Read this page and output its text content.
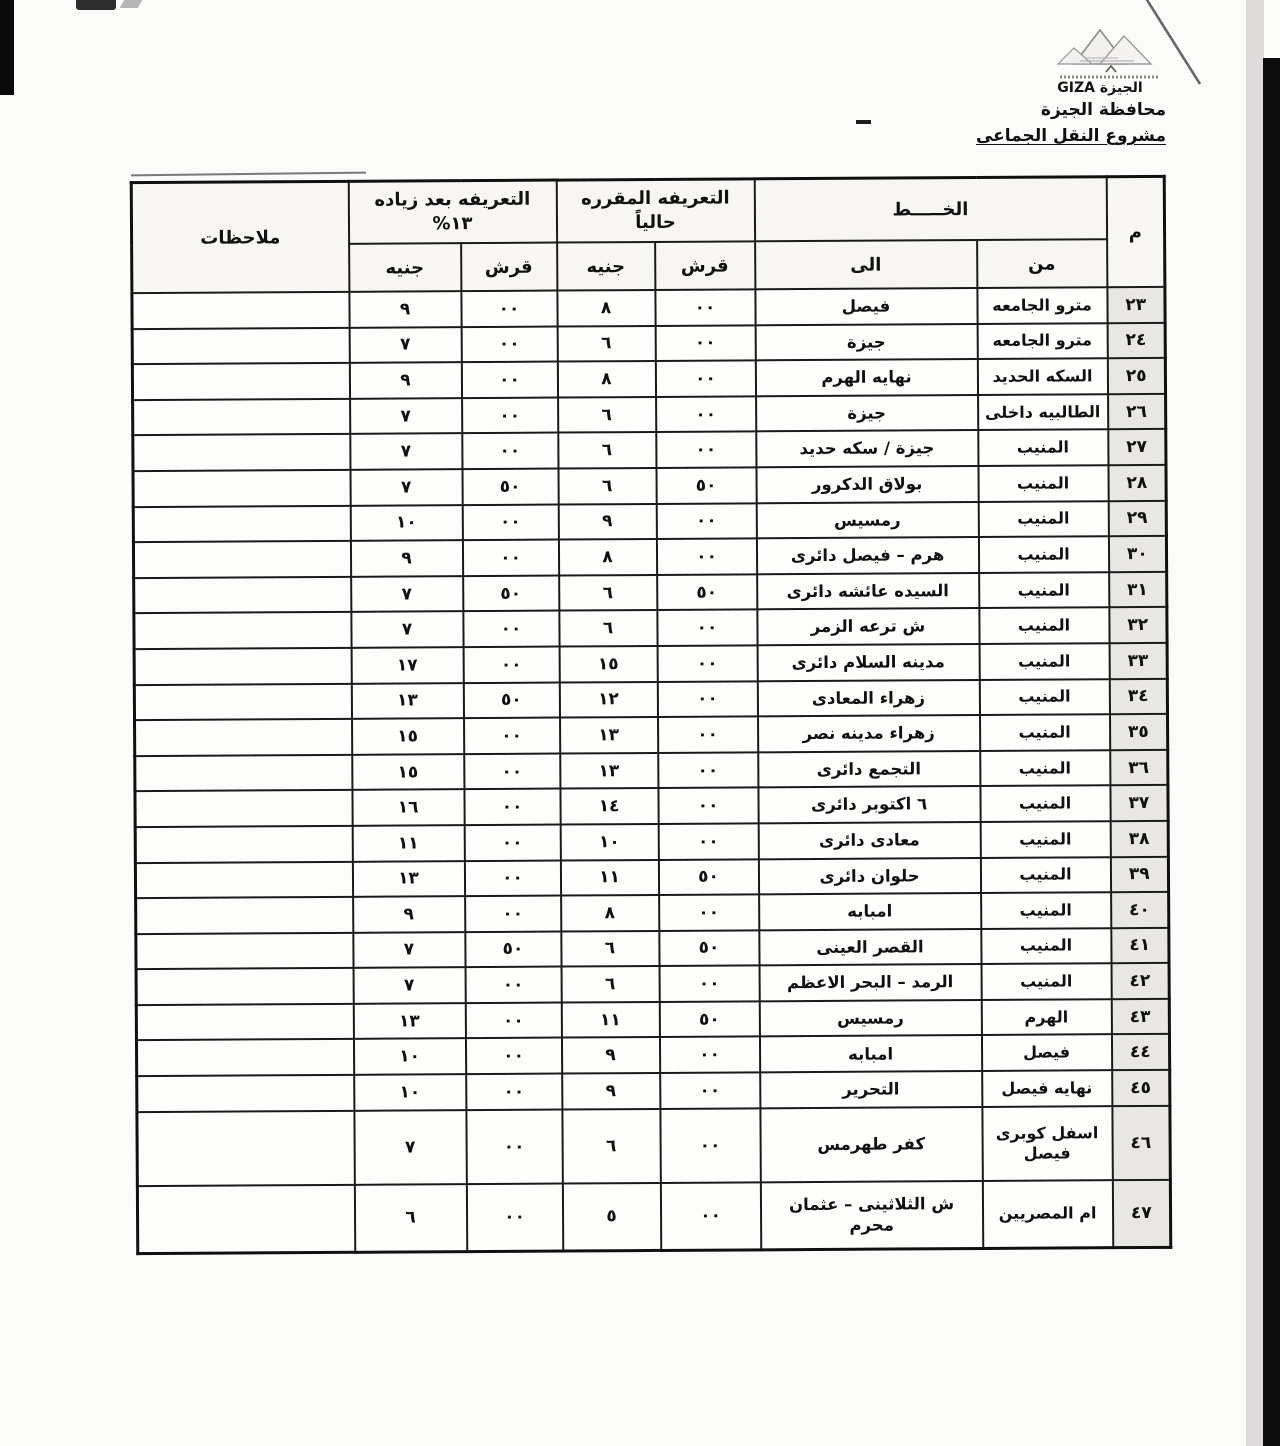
الجيزة GIZA
محافظة الجيزة
مشروع النقل الجماعى
م	الخـــــط	
التعريفه المقرره
حالياً

التعريفه بعد زياده
١٣%
	ملاحظات
	من	الى	قرش	جنيه	قرش	جنيه	
٢٣	مترو الجامعه	فيصل	٠٠	٨	٠٠	٩	
٢٤	مترو الجامعه	جيزة	٠٠	٦	٠٠	٧	
٢٥	السكه الحديد	نهايه الهرم	٠٠	٨	٠٠	٩	
٢٦	الطالبيه داخلى	جيزة	٠٠	٦	٠٠	٧	
٢٧	المنيب	جيزة / سكه حديد	٠٠	٦	٠٠	٧	
٢٨	المنيب	بولاق الدكرور	٥٠	٦	٥٠	٧	
٢٩	المنيب	رمسيس	٠٠	٩	٠٠	١٠	
٣٠	المنيب	هرم – فيصل دائرى	٠٠	٨	٠٠	٩	
٣١	المنيب	السيده عائشه دائرى	٥٠	٦	٥٠	٧	
٣٢	المنيب	ش ترعه الزمر	٠٠	٦	٠٠	٧	
٣٣	المنيب	مدينه السلام دائرى	٠٠	١٥	٠٠	١٧	
٣٤	المنيب	زهراء المعادى	٠٠	١٢	٥٠	١٣	
٣٥	المنيب	زهراء مدينه نصر	٠٠	١٣	٠٠	١٥	
٣٦	المنيب	التجمع دائرى	٠٠	١٣	٠٠	١٥	
٣٧	المنيب	٦ اكتوبر دائرى	٠٠	١٤	٠٠	١٦	
٣٨	المنيب	معادى دائرى	٠٠	١٠	٠٠	١١	
٣٩	المنيب	حلوان دائرى	٥٠	١١	٠٠	١٣	
٤٠	المنيب	امبابه	٠٠	٨	٠٠	٩	
٤١	المنيب	القصر العينى	٥٠	٦	٥٠	٧	
٤٢	المنيب	الرمد – البحر الاعظم	٠٠	٦	٠٠	٧	
٤٣	الهرم	رمسيس	٥٠	١١	٠٠	١٣	
٤٤	فيصل	امبابه	٠٠	٩	٠٠	١٠	
٤٥	نهايه فيصل	التحرير	٠٠	٩	٠٠	١٠	
٤٦	اسفل كوبرى فيصل	كفر طهرمس	٠٠	٦	٠٠	٧	
٤٧	ام المصريين	ش الثلاثينى – عثمان محرم	٠٠	٥	٠٠	٦	
